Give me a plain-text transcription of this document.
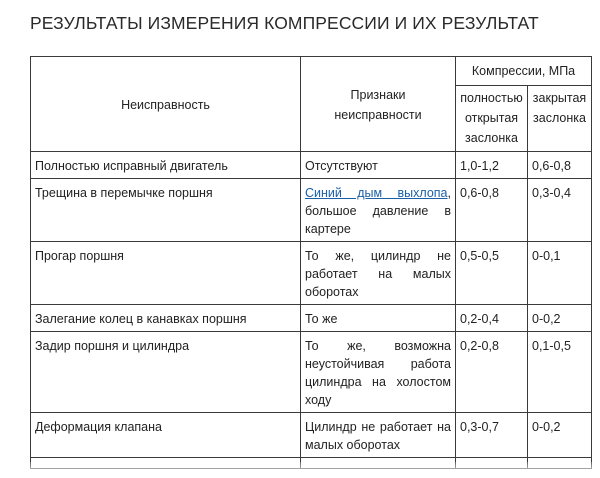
РЕЗУЛЬТАТЫ ИЗМЕРЕНИЯ КОМПРЕССИИ И ИХ РЕЗУЛЬТАТ
Неисправность	Признаки неисправности	Компрессии, МПа	
		полностью открытая заслонка	закрытая заслонка
Полностью исправный двигатель	Отсутствуют	1,0-1,2	0,6-0,8
Трещина в перемычке поршня	Синий дым выхлопа, большое давление в картере	0,6-0,8	0,3-0,4
Прогар поршня	То же, цилиндр не работает на малых оборотах	0,5-0,5	0-0,1
Залегание колец в канавках поршня	То же	0,2-0,4	0-0,2
Задир поршня и цилиндра	То же, возможна неустойчивая работа цилиндра на холостом ходу	0,2-0,8	0,1-0,5
Деформация клапана	Цилиндр не работает на малых оборотах	0,3-0,7	0-0,2
